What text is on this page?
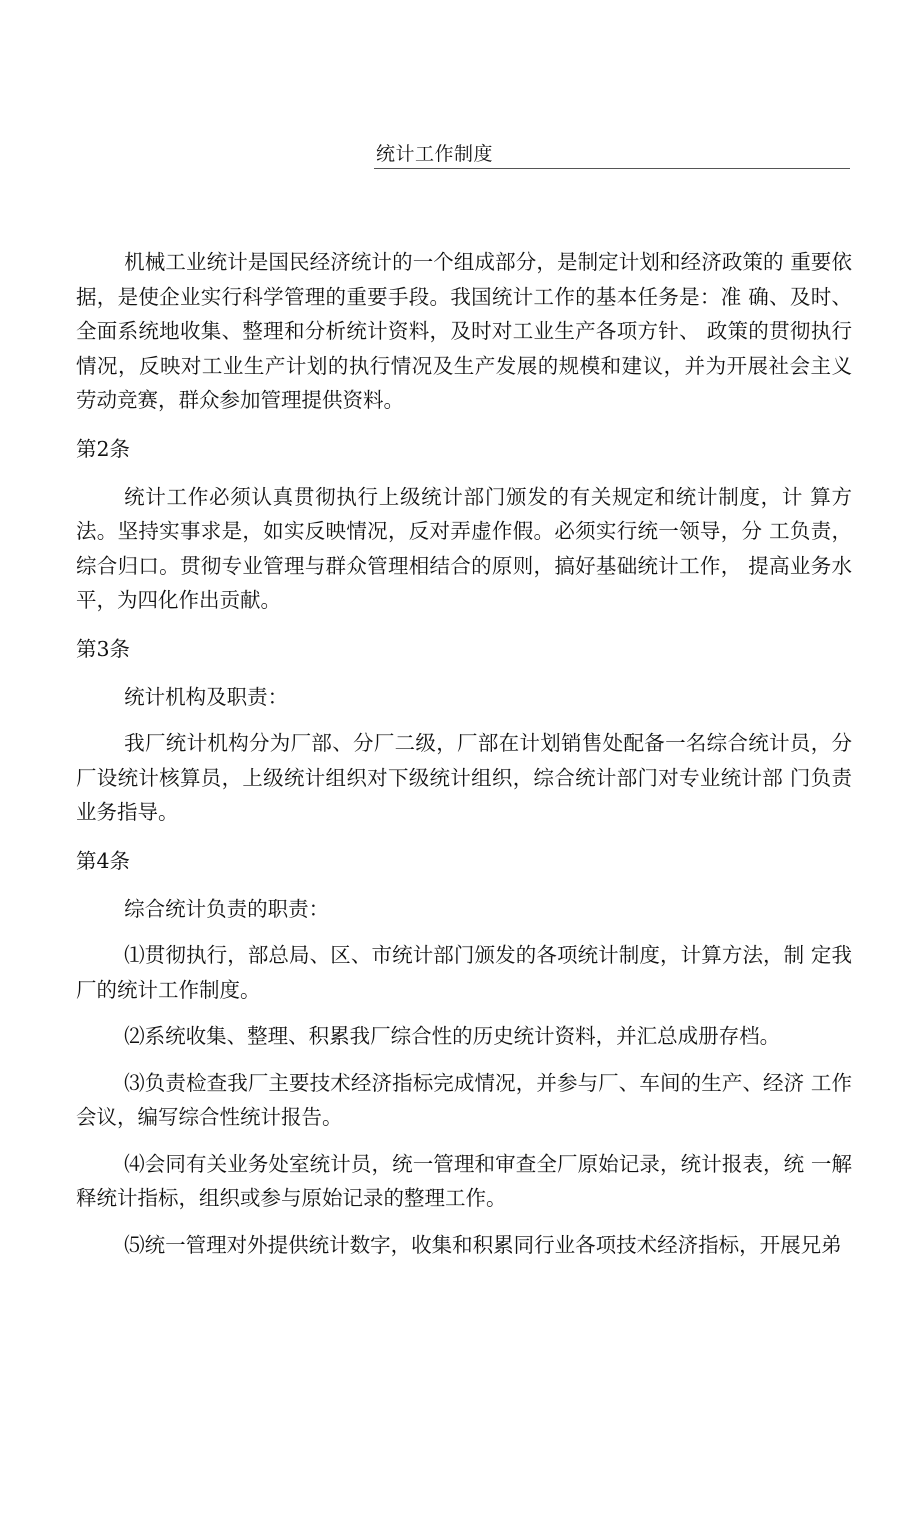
统计工作制度

机械工业统计是国民经济统计的一个组成部分，是制定计划和经济政策的 重要依据，是使企业实行科学管理的重要手段。我国统计工作的基本任务是：准 确、及时、全面系统地收集、整理和分析统计资料，及时对工业生产各项方针、 政策的贯彻执行情况，反映对工业生产计划的执行情况及生产发展的规模和建议，并为开展社会主义劳动竞赛，群众参加管理提供资料。

第2条

统计工作必须认真贯彻执行上级统计部门颁发的有关规定和统计制度，计 算方法。坚持实事求是，如实反映情况，反对弄虚作假。必须实行统一领导，分 工负责，综合归口。贯彻专业管理与群众管理相结合的原则，搞好基础统计工作， 提高业务水平，为四化作出贡献。

第3条

统计机构及职责：

我厂统计机构分为厂部、分厂二级，厂部在计划销售处配备一名综合统计员，分厂设统计核算员，上级统计组织对下级统计组织，综合统计部门对专业统计部 门负责业务指导。

第4条

综合统计负责的职责：

⑴贯彻执行，部总局、区、市统计部门颁发的各项统计制度，计算方法，制 定我厂的统计工作制度。

⑵系统收集、整理、积累我厂综合性的历史统计资料，并汇总成册存档。

⑶负责检查我厂主要技术经济指标完成情况，并参与厂、车间的生产、经济 工作会议，编写综合性统计报告。

⑷会同有关业务处室统计员，统一管理和审查全厂原始记录，统计报表，统 一解释统计指标，组织或参与原始记录的整理工作。

⑸统一管理对外提供统计数字，收集和积累同行业各项技术经济指标，开展兄弟
